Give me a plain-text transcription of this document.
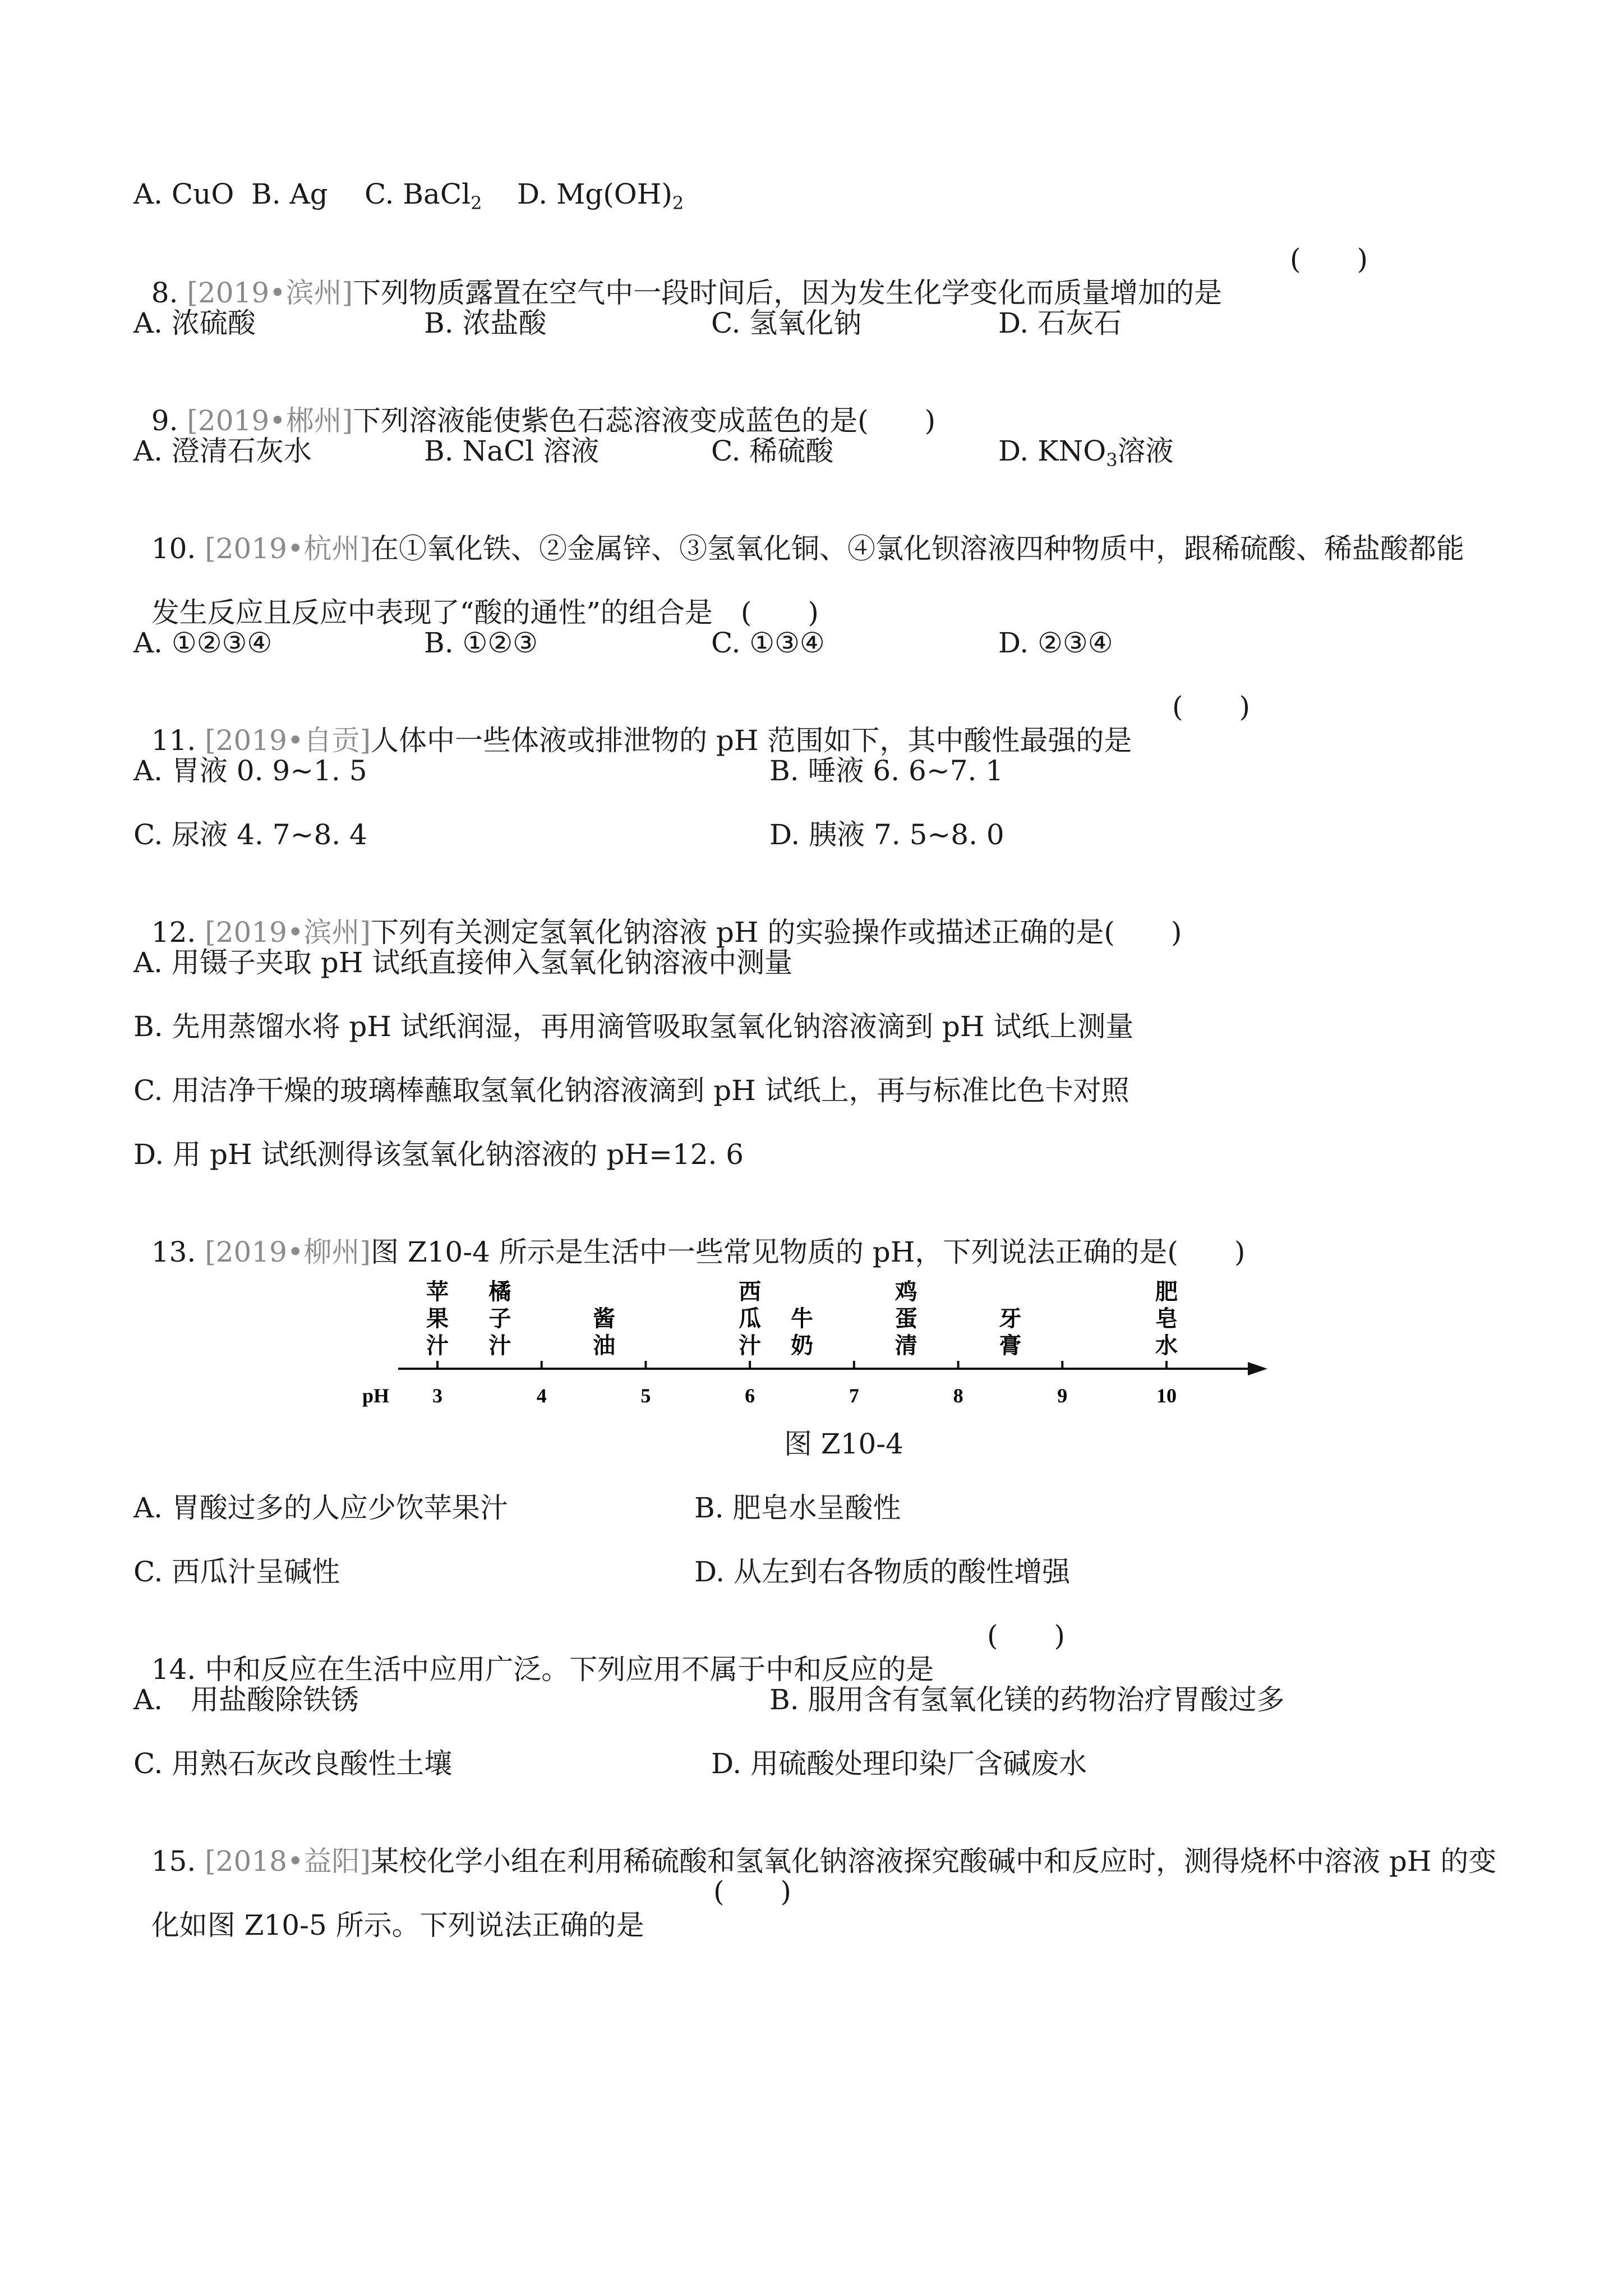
A. CuO B. Ag C. BaCl$_2$ D. $Mg(OH)_2$

8. [2019•滨州]下列物质露置在空气中一段时间后，因为发生化学变化而质量增加的是

(　　)
A. 浓硫酸	B. 浓盐酸	C. 氢氧化钠	D. 石灰石

9. [2019•郴州]下列溶液能使紫色石蕊溶液变成蓝色的是(　　)

A. 澄清石灰水	B. NaCl 溶液	C. 稀硫酸	D. $KNO_3$溶液

10. [2019•杭州]在①氧化铁、②金属锌、③氢氧化铜、④氯化钡溶液四种物质中，跟稀硫酸、稀盐酸都能

发生反应且反应中表现了“酸的通性”的组合是　 (　　)

A. ①②③④	B. ①②③	C. ①③④	D. ②③④

11. [2019•自贡]人体中一些体液或排泄物的 pH 范围如下，其中酸性最强的是

(　　)
A. 胃液 0. 9~1. 5	B. 唾液 6. 6~7. 1
C. 尿液 4. 7~8. 4	D. 胰液 7. 5~8. 0

12. [2019•滨州]下列有关测定氢氧化钠溶液 pH 的实验操作或描述正确的是(　　)

A. 用镊子夹取 pH 试纸直接伸入氢氧化钠溶液中测量
B. 先用蒸馏水将 pH 试纸润湿，再用滴管吸取氢氧化钠溶液滴到 pH 试纸上测量
C. 用洁净干燥的玻璃棒蘸取氢氧化钠溶液滴到 pH 试纸上，再与标准比色卡对照
D. 用 pH 试纸测得该氢氧化钠溶液的 pH=12. 6

13. [2019•柳州]图 Z10-4 所示是生活中一些常见物质的 pH，下列说法正确的是(　　)

苹
果
汁
橘
子
汁
酱
油
西
瓜
汁
牛
奶
鸡
蛋
清
牙
膏
肥
皂
水
pH 3	4	5	6	7	8	9	10
图 Z10-4
A. 胃酸过多的人应少饮苹果汁	B. 肥皂水呈酸性
C. 西瓜汁呈碱性	D. 从左到右各物质的酸性增强

14. 中和反应在生活中应用广泛。下列应用不属于中和反应的是

(　　)
A.　用盐酸除铁锈	B. 服用含有氢氧化镁的药物治疗胃酸过多
C. 用熟石灰改良酸性土壤	D. 用硫酸处理印染厂含碱废水

15. [2018•益阳]某校化学小组在利用稀硫酸和氢氧化钠溶液探究酸碱中和反应时，测得烧杯中溶液 pH 的变

化如图 Z10-5 所示。下列说法正确的是

(　　)
